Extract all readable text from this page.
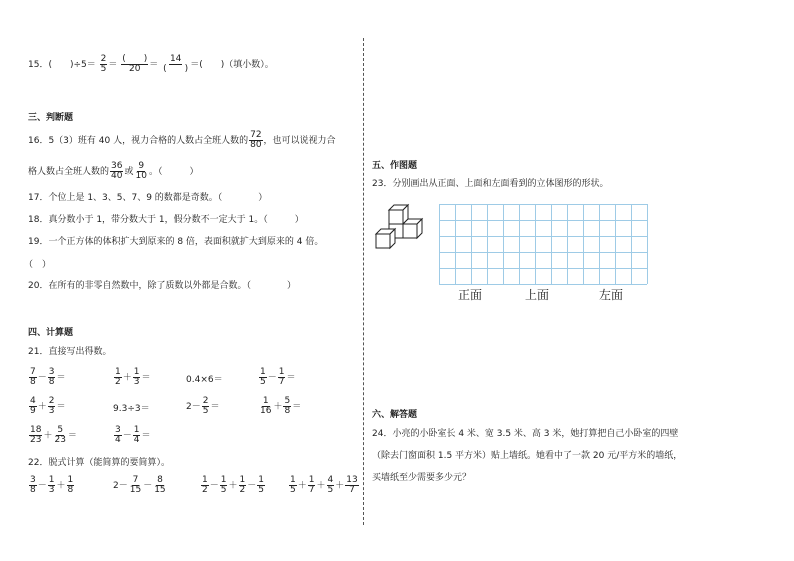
15．(　　)$\div 5= \frac{2}{5} = \frac{( )}{20} = \frac{14}{( )}$ ＝(　　)（填小数）。
三、判断题
16．5（3）班有 40 人，视力合格的人数占全班人数的 $\frac{72}{80}$ ，也可以说视力合
格人数占全班人数的 $\frac{36}{40}$ 或 $\frac{9}{10}$ 。（　　　）
17．个位上是 1、3、5、7、9 的数都是奇数。（　　　　）
18．真分数小于 1，带分数大于 1，假分数不一定大于 1。（　　　）
19．一个正方体的体积扩大到原来的 8 倍，表面积就扩大到原来的 4 倍。
（　）
20．在所有的非零自然数中，除了质数以外都是合数。（　　　　）
四、计算题
21．直接写出得数。
$\frac{7}{8} - \frac{3}{8}$ ＝	$\frac{1}{2} + \frac{1}{3}$ ＝	0.4×6＝	$\frac{1}{5} - \frac{1}{7}$ ＝
$\frac{4}{9} + \frac{2}{3}$ ＝	9.3÷3＝	$2- \frac{2}{5}$ ＝	$\frac{1}{16} + \frac{5}{8}$ ＝
$\frac{18}{23} + \frac{5}{23}$ ＝	$\frac{3}{4} - \frac{1}{4}$ ＝
22．脱式计算（能简算的要简算）。
$\frac{3}{8} - \frac{1}{3} + \frac{1}{8}$	$2- \frac{7}{15} - \frac{8}{15}$	$\frac{1}{2} - \frac{1}{5} + \frac{1}{2} - \frac{1}{5}$	$\frac{1}{5} + \frac{1}{7} + \frac{4}{5} + \frac{13}{7}$
五、作图题
23．分别画出从正面、上面和左面看到的立体图形的形状。
正面	上面	左面
六、解答题
24．小亮的小卧室长 4 米、宽 3.5 米、高 3 米，她打算把自己小卧室的四壁
（除去门窗面积 1.5 平方米）贴上墙纸。她看中了一款 20 元/平方米的墙纸，
买墙纸至少需要多少元？
